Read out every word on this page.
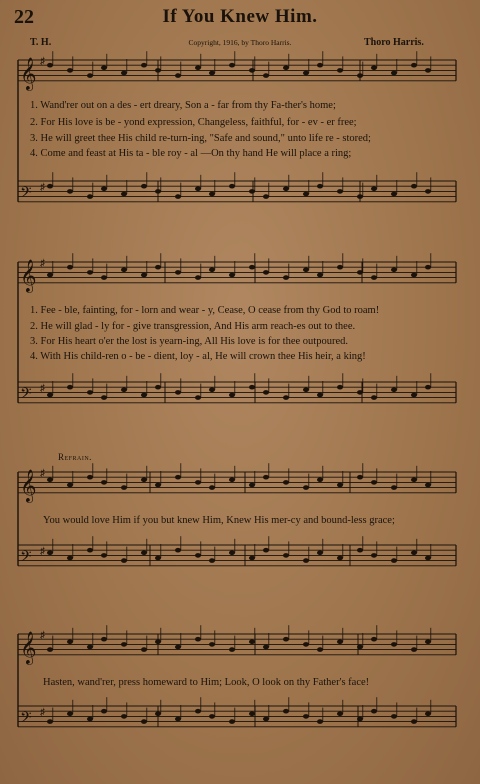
22	If You Knew Him.
T. H.	Copyright, 1916, by Thoro Harris.	Thoro Harris.
𝄞 ♯
𝄢 ♯
𝄞 ♯
𝄢 ♯
𝄞 ♯
𝄢 ♯
𝄞 ♯
𝄢 ♯
1. Wand'rer out on a des - ert dreary, Son a - far from thy Fa-ther's home;
2. For His love is be - yond expression, Changeless, faithful, for - ev - er free;
3. He will greet thee His child re-turn-ing, "Safe and sound," unto life re - stored;
4. Come and feast at His ta - ble roy - al —On thy hand He will place a ring;
1. Fee - ble, fainting, for - lorn and wear - y, Cease, O cease from thy God to roam!
2. He will glad - ly for - give transgression, And His arm reach-es out to thee.
3. For His heart o'er the lost is yearn-ing, All His love is for thee outpoured.
4. With His child-ren o - be - dient, loy - al, He will crown thee His heir, a king!
Refrain.
You would love Him if you but knew Him, Knew His mer-cy and bound-less grace;
Hasten, wand'rer, press homeward to Him; Look, O look on thy Father's face!
